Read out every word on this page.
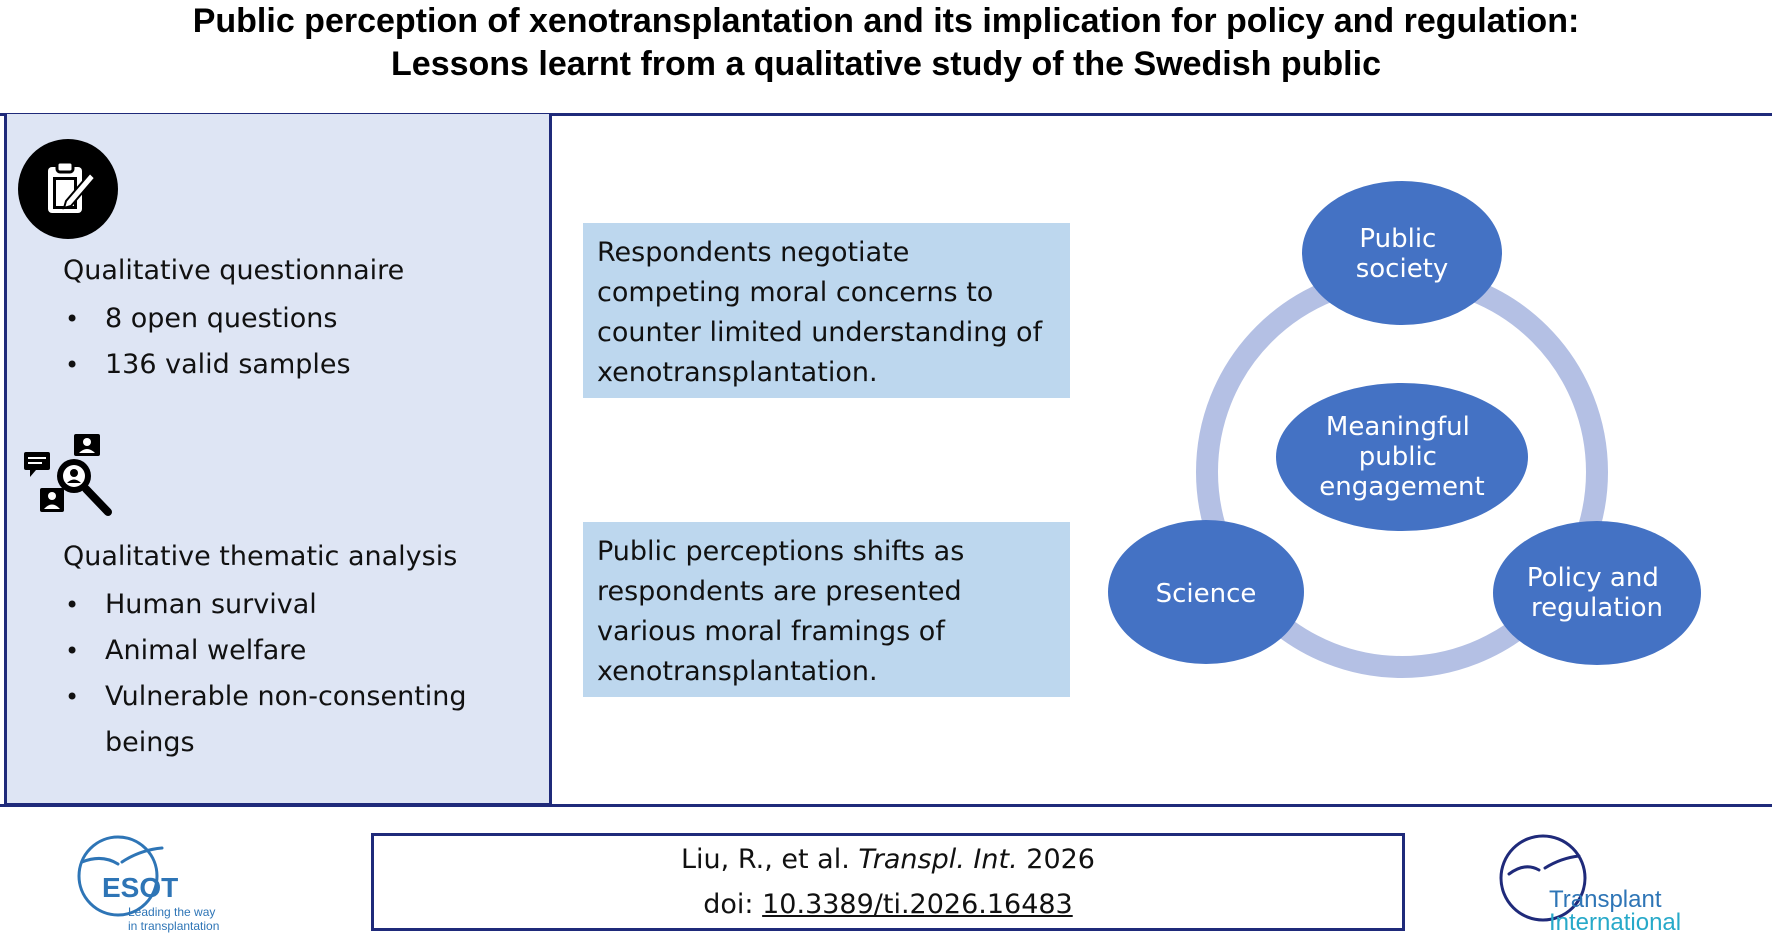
Public perception of xenotransplantation and its implication for policy and regulation:
Lessons learnt from a qualitative study of the Swedish public
Qualitative questionnaire
• 8 open questions
• 136 valid samples
Qualitative thematic analysis
• Human survival
• Animal welfare
• Vulnerable non-consenting
beings
Respondents negotiate
competing moral concerns to
counter limited understanding of
xenotransplantation.
Public perceptions shifts as
respondents are presented
various moral framings of
xenotransplantation.
Meaningful public engagement
Public society
Science
Policy and regulation
ESOT
Leading the way
in transplantation
Liu, R., et al. Transpl. Int. 2026
doi: 10.3389/ti.2026.16483	Transplant
International
